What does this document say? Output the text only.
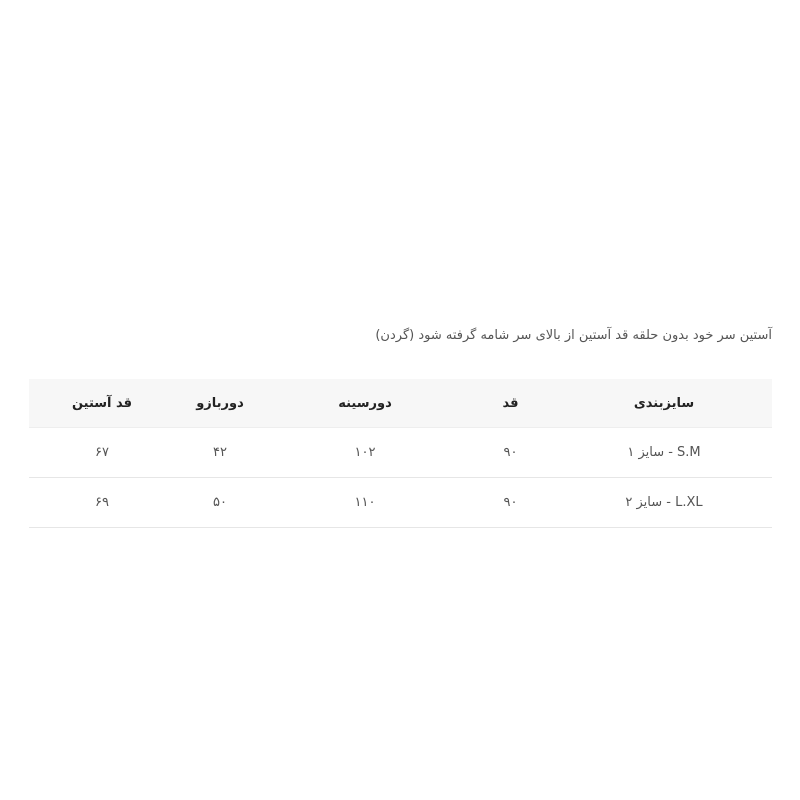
آستین سر خود بدون حلقه قد آستین از بالای سر شامه گرفته شود (گردن)
سایزبندی	قد	دورسینه	دوربازو	قد آستین
S.M - سایز ۱	۹۰	۱۰۲	۴۲	۶۷
L.XL - سایز ۲	۹۰	۱۱۰	۵۰	۶۹
